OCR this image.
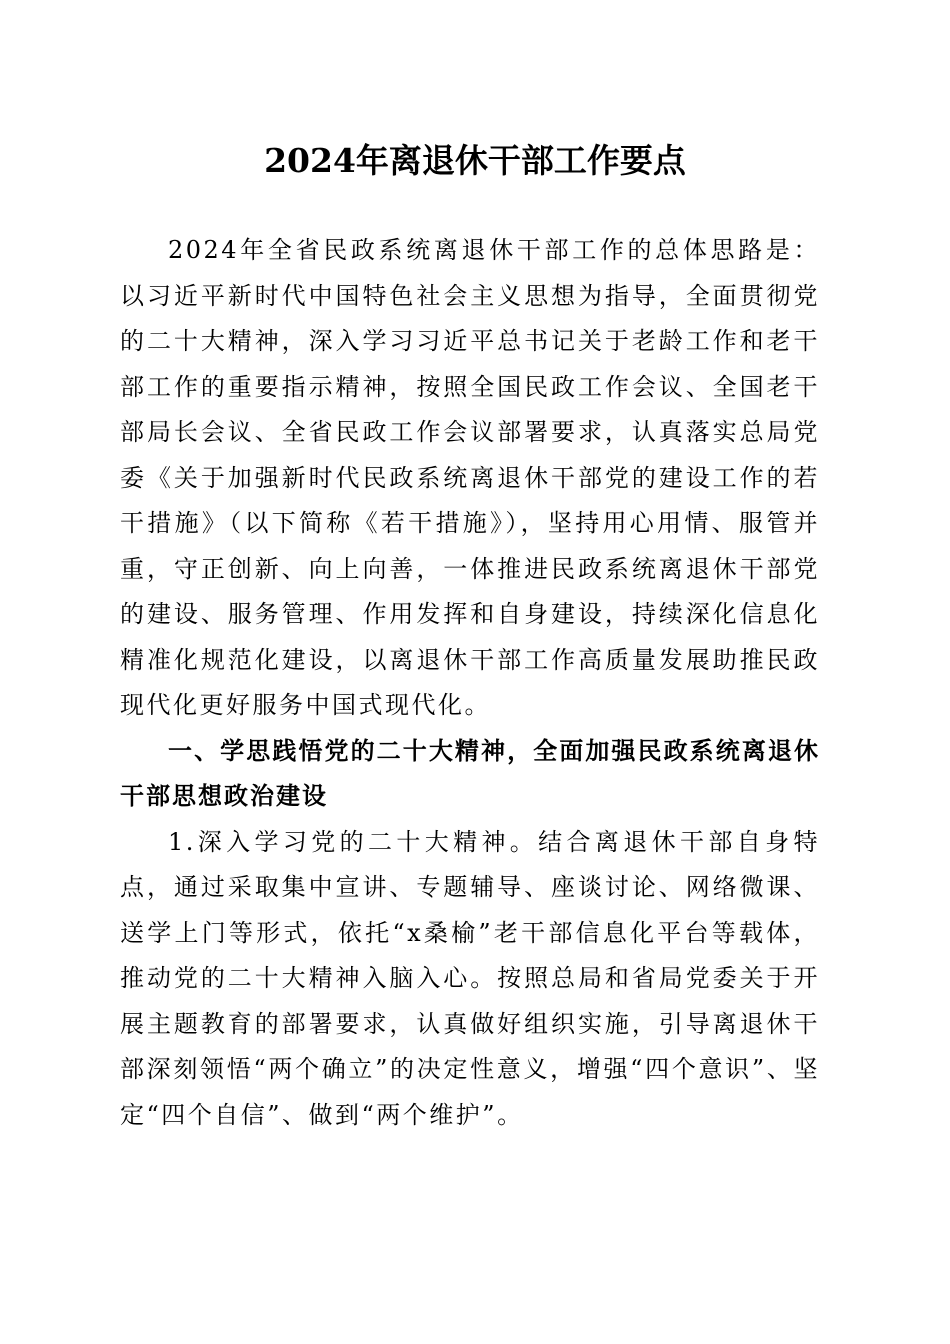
2024年离退休干部工作要点

2024年全省民政系统离退休干部工作的总体思路是：以习近平新时代中国特色社会主义思想为指导，全面贯彻党的二十大精神，深入学习习近平总书记关于老龄工作和老干部工作的重要指示精神，按照全国民政工作会议、全国老干部局长会议、全省民政工作会议部署要求，认真落实总局党委《关于加强新时代民政系统离退休干部党的建设工作的若干措施》（以下简称《若干措施》），坚持用心用情、服管并重，守正创新、向上向善，一体推进民政系统离退休干部党的建设、服务管理、作用发挥和自身建设，持续深化信息化精准化规范化建设，以离退休干部工作高质量发展助推民政现代化更好服务中国式现代化。

一、学思践悟党的二十大精神，全面加强民政系统离退休干部思想政治建设

1.深入学习党的二十大精神。结合离退休干部自身特点，通过采取集中宣讲、专题辅导、座谈讨论、网络微课、送学上门等形式，依托“x桑榆”老干部信息化平台等载体，推动党的二十大精神入脑入心。按照总局和省局党委关于开展主题教育的部署要求，认真做好组织实施，引导离退休干部深刻领悟“两个确立”的决定性意义，增强“四个意识”、坚定“四个自信”、做到“两个维护”。
